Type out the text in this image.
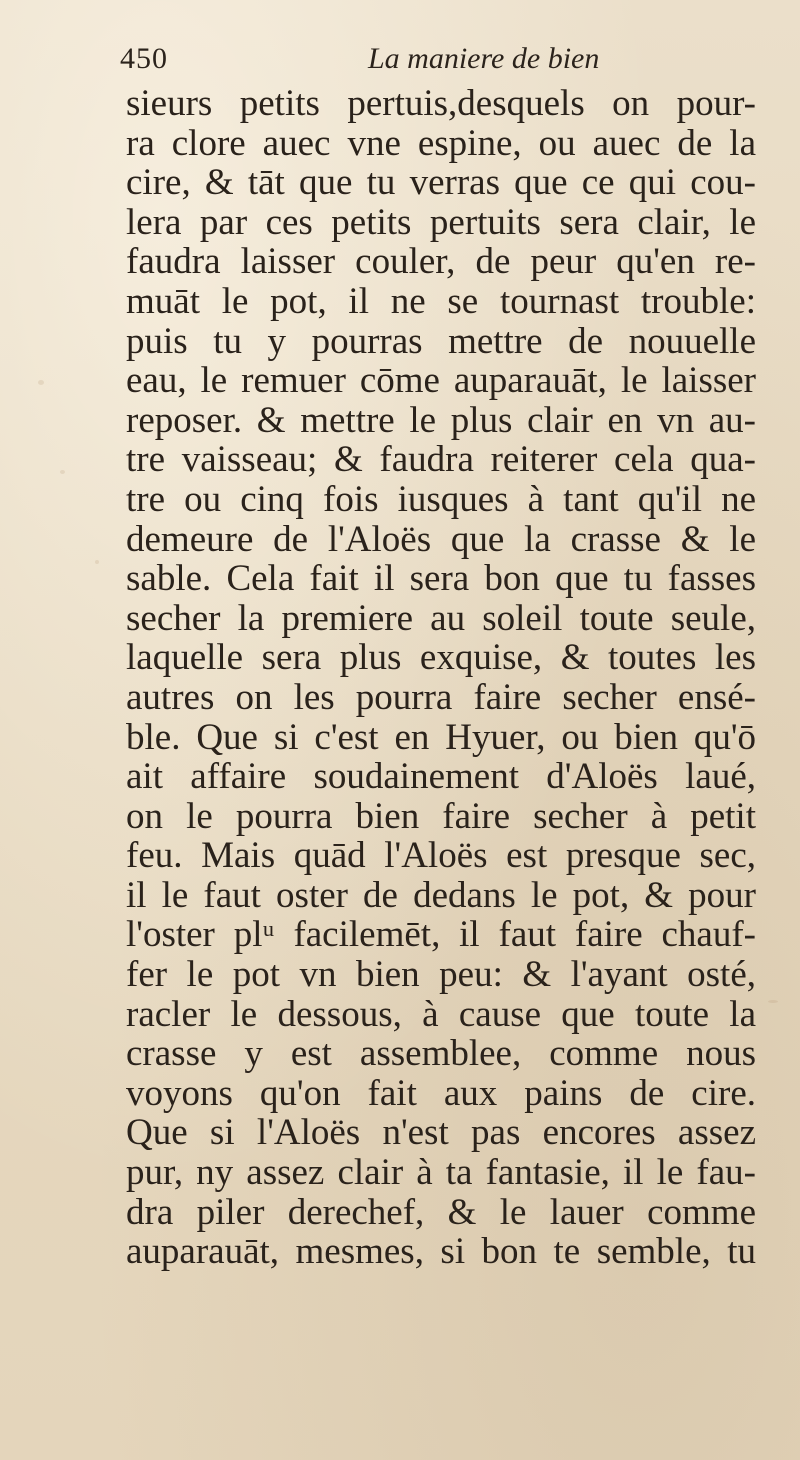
450	La maniere de bien
sieurs petits pertuis,desquels on pour-
ra clore auec vne espine, ou auec de la
cire, & tāt que tu verras que ce qui cou-
lera par ces petits pertuits sera clair, le
faudra laisser couler, de peur qu'en re-
muāt le pot, il ne se tournast trouble:
puis tu y pourras mettre de nouuelle
eau, le remuer cōme auparauāt, le laisser
reposer. & mettre le plus clair en vn au-
tre vaisseau; & faudra reiterer cela qua-
tre ou cinq fois iusques à tant qu'il ne
demeure de l'Aloës que la crasse & le
sable. Cela fait il sera bon que tu fasses
secher la premiere au soleil toute seule,
laquelle sera plus exquise, & toutes les
autres on les pourra faire secher ensé-
ble. Que si c'est en Hyuer, ou bien qu'ō
ait affaire soudainement d'Aloës laué,
on le pourra bien faire secher à petit
feu. Mais quād l'Aloës est presque sec,
il le faut oster de dedans le pot, & pour
l'oster plᵘ facilemēt, il faut faire chauf-
fer le pot vn bien peu: & l'ayant osté,
racler le dessous, à cause que toute la
crasse y est assemblee, comme nous
voyons qu'on fait aux pains de cire.
Que si l'Aloës n'est pas encores assez
pur, ny assez clair à ta fantasie, il le fau-
dra piler derechef, & le lauer comme
auparauāt, mesmes, si bon te semble, tu
